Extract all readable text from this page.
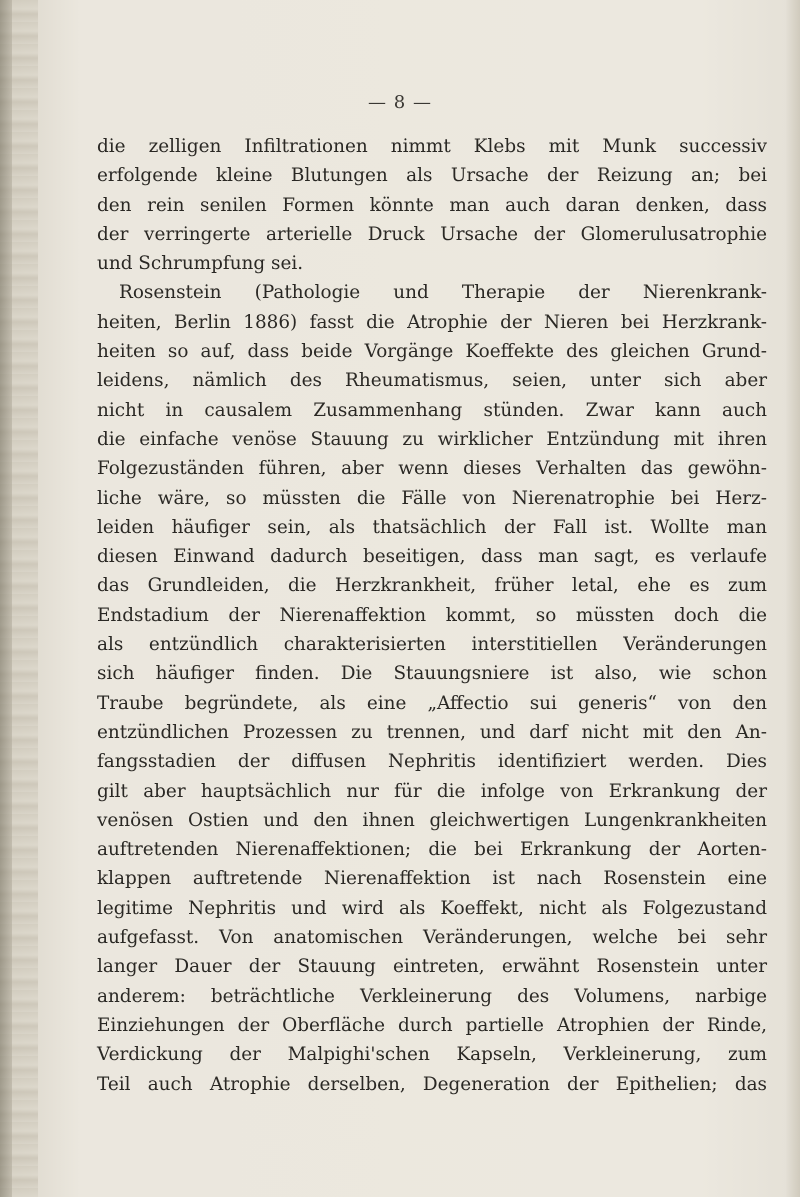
— 8 —
die zelligen Infiltrationen nimmt Klebs mit Munk successiv
erfolgende kleine Blutungen als Ursache der Reizung an; bei
den rein senilen Formen könnte man auch daran denken, dass
der verringerte arterielle Druck Ursache der Glomerulusatrophie
und Schrumpfung sei.
Rosenstein (Pathologie und Therapie der Nierenkrank-
heiten, Berlin 1886) fasst die Atrophie der Nieren bei Herzkrank-
heiten so auf, dass beide Vorgänge Koeffekte des gleichen Grund-
leidens, nämlich des Rheumatismus, seien, unter sich aber
nicht in causalem Zusammenhang stünden. Zwar kann auch
die einfache venöse Stauung zu wirklicher Entzündung mit ihren
Folgezuständen führen, aber wenn dieses Verhalten das gewöhn-
liche wäre, so müssten die Fälle von Nierenatrophie bei Herz-
leiden häufiger sein, als thatsächlich der Fall ist. Wollte man
diesen Einwand dadurch beseitigen, dass man sagt, es verlaufe
das Grundleiden, die Herzkrankheit, früher letal, ehe es zum
Endstadium der Nierenaffektion kommt, so müssten doch die
als entzündlich charakterisierten interstitiellen Veränderungen
sich häufiger finden. Die Stauungsniere ist also, wie schon
Traube begründete, als eine „Affectio sui generis“ von den
entzündlichen Prozessen zu trennen, und darf nicht mit den An-
fangsstadien der diffusen Nephritis identifiziert werden. Dies
gilt aber hauptsächlich nur für die infolge von Erkrankung der
venösen Ostien und den ihnen gleichwertigen Lungenkrankheiten
auftretenden Nierenaffektionen; die bei Erkrankung der Aorten-
klappen auftretende Nierenaffektion ist nach Rosenstein eine
legitime Nephritis und wird als Koeffekt, nicht als Folgezustand
aufgefasst. Von anatomischen Veränderungen, welche bei sehr
langer Dauer der Stauung eintreten, erwähnt Rosenstein unter
anderem: beträchtliche Verkleinerung des Volumens, narbige
Einziehungen der Oberfläche durch partielle Atrophien der Rinde,
Verdickung der Malpighi'schen Kapseln, Verkleinerung, zum
Teil auch Atrophie derselben, Degeneration der Epithelien; das
